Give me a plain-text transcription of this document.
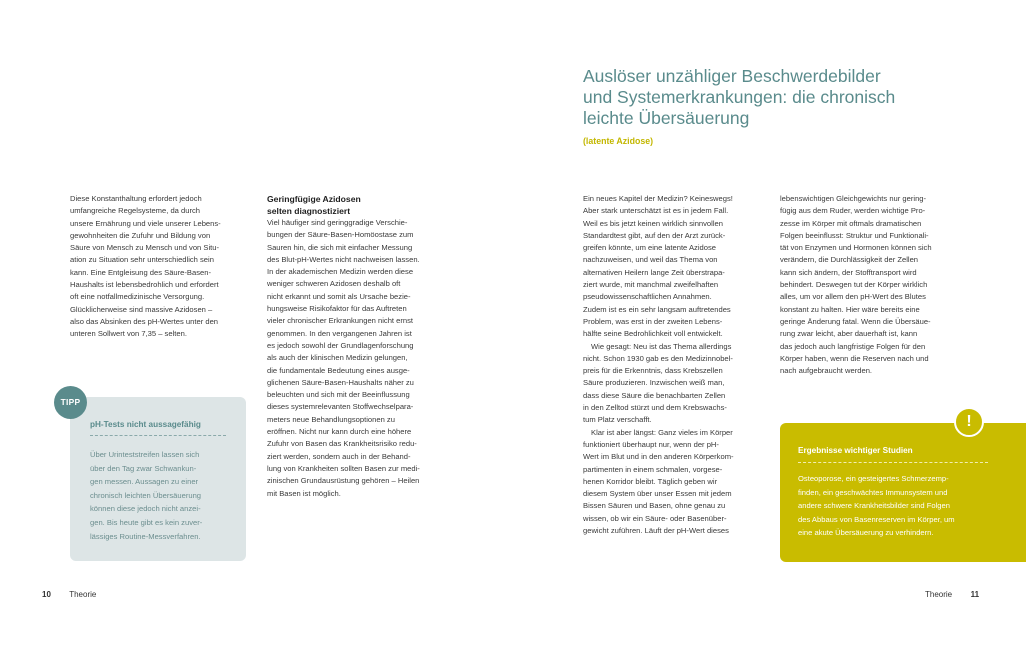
Auslöser unzähliger Beschwerdebilder
und Systemerkrankungen: die chronisch
leichte Übersäuerung
(latente Azidose)
Diese Konstanthaltung erfordert jedoch
umfangreiche Regelsysteme, da durch
unsere Ernährung und viele unserer Lebens-
gewohnheiten die Zufuhr und Bildung von
Säure von Mensch zu Mensch und von Situ-
ation zu Situation sehr unterschiedlich sein
kann. Eine Entgleisung des Säure-Basen-
Haushalts ist lebensbedrohlich und erfordert
oft eine notfallmedizinische Versorgung.
Glücklicherweise sind massive Azidosen –
also das Absinken des pH-Wertes unter den
unteren Sollwert von 7,35 – selten.
Geringfügige Azidosen
selten diagnostiziert
Viel häufiger sind geringgradige Verschie-
bungen der Säure-Basen-Homöostase zum
Sauren hin, die sich mit einfacher Messung
des Blut-pH-Wertes nicht nachweisen lassen.
In der akademischen Medizin werden diese
weniger schweren Azidosen deshalb oft
nicht erkannt und somit als Ursache bezie-
hungsweise Risikofaktor für das Auftreten
vieler chronischer Erkrankungen nicht ernst
genommen. In den vergangenen Jahren ist
es jedoch sowohl der Grundlagenforschung
als auch der klinischen Medizin gelungen,
die fundamentale Bedeutung eines ausge-
glichenen Säure-Basen-Haushalts näher zu
beleuchten und sich mit der Beeinflussung
dieses systemrelevanten Stoffwechselpara-
meters neue Behandlungsoptionen zu
eröffnen. Nicht nur kann durch eine höhere
Zufuhr von Basen das Krankheitsrisiko redu-
ziert werden, sondern auch in der Behand-
lung von Krankheiten sollten Basen zur medi-
zinischen Grundausrüstung gehören – Heilen
mit Basen ist möglich.
Ein neues Kapitel der Medizin? Keineswegs!
Aber stark unterschätzt ist es in jedem Fall.
Weil es bis jetzt keinen wirklich sinnvollen
Standardtest gibt, auf den der Arzt zurück-
greifen könnte, um eine latente Azidose
nachzuweisen, und weil das Thema von
alternativen Heilern lange Zeit überstrapa-
ziert wurde, mit manchmal zweifelhaften
pseudowissenschaftlichen Annahmen.
Zudem ist es ein sehr langsam auftretendes
Problem, was erst in der zweiten Lebens-
hälfte seine Bedrohlichkeit voll entwickelt.
Wie gesagt: Neu ist das Thema allerdings
nicht. Schon 1930 gab es den Medizinnobel-
preis für die Erkenntnis, dass Krebszellen
Säure produzieren. Inzwischen weiß man,
dass diese Säure die benachbarten Zellen
in den Zelltod stürzt und dem Krebswachs-
tum Platz verschafft.
Klar ist aber längst: Ganz vieles im Körper
funktioniert überhaupt nur, wenn der pH-
Wert im Blut und in den anderen Körperkom-
partimenten in einem schmalen, vorgese-
henen Korridor bleibt. Täglich geben wir
diesem System über unser Essen mit jedem
Bissen Säuren und Basen, ohne genau zu
wissen, ob wir ein Säure- oder Basenüber-
gewicht zuführen. Läuft der pH-Wert dieses
lebenswichtigen Gleichgewichts nur gering-
fügig aus dem Ruder, werden wichtige Pro-
zesse im Körper mit oftmals dramatischen
Folgen beeinflusst: Struktur und Funktionali-
tät von Enzymen und Hormonen können sich
verändern, die Durchlässigkeit der Zellen
kann sich ändern, der Stofftransport wird
behindert. Deswegen tut der Körper wirklich
alles, um vor allem den pH-Wert des Blutes
konstant zu halten. Hier wäre bereits eine
geringe Änderung fatal. Wenn die Übersäue-
rung zwar leicht, aber dauerhaft ist, kann
das jedoch auch langfristige Folgen für den
Körper haben, wenn die Reserven nach und
nach aufgebraucht werden.
TIPP
pH-Tests nicht aussagefähig
Über Urinteststreifen lassen sich
über den Tag zwar Schwankun-
gen messen. Aussagen zu einer
chronisch leichten Übersäuerung
können diese jedoch nicht anzei-
gen. Bis heute gibt es kein zuver-
lässiges Routine-Messverfahren.
!
Ergebnisse wichtiger Studien
Osteoporose, ein gesteigertes Schmerzemp-
finden, ein geschwächtes Immunsystem und
andere schwere Krankheitsbilder sind Folgen
des Abbaus von Basenreserven im Körper, um
eine akute Übersäuerung zu verhindern.
10 Theorie	Theorie 11
